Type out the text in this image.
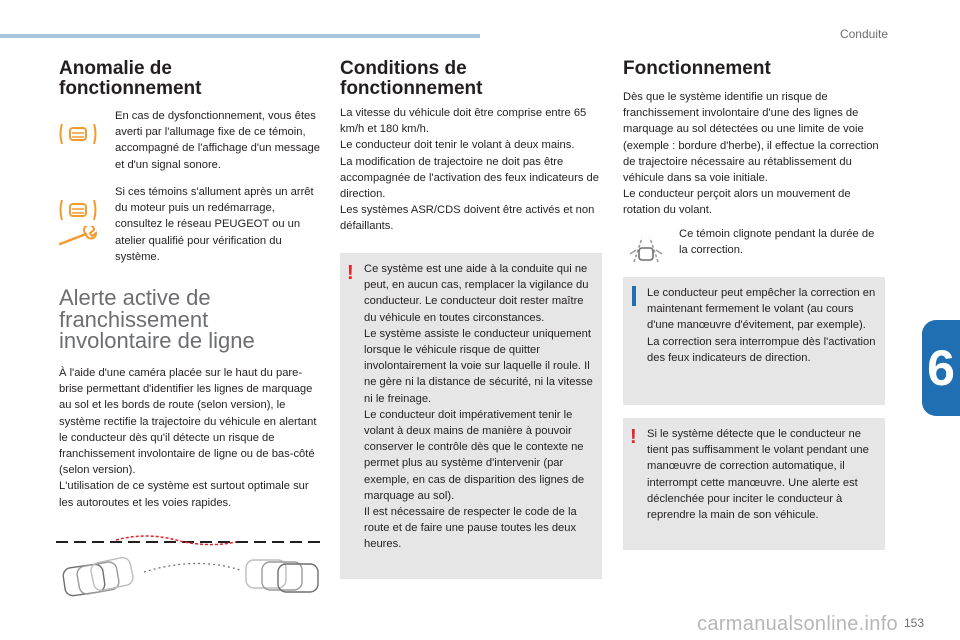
Conduite
6
Anomalie de fonctionnement

En cas de dysfonctionnement, vous êtes averti par l'allumage fixe de ce témoin, accompagné de l'affichage d'un message et d'un signal sonore.

Si ces témoins s'allument après un arrêt du moteur puis un redémarrage, consultez le réseau PEUGEOT ou un atelier qualifié pour vérification du système.

Alerte active de franchissement involontaire de ligne

À l'aide d'une caméra placée sur le haut du pare-brise permettant d'identifier les lignes de marquage au sol et les bords de route (selon version), le système rectifie la trajectoire du véhicule en alertant le conducteur dès qu'il détecte un risque de franchissement involontaire de ligne ou de bas-côté (selon version).
L'utilisation de ce système est surtout optimale sur les autoroutes et les voies rapides.

Conditions de fonctionnement

La vitesse du véhicule doit être comprise entre 65 km/h et 180 km/h.
Le conducteur doit tenir le volant à deux mains.
La modification de trajectoire ne doit pas être accompagnée de l'activation des feux indicateurs de direction.
Les systèmes ASR/CDS doivent être activés et non défaillants.

! Ce système est une aide à la conduite qui ne peut, en aucun cas, remplacer la vigilance du conducteur. Le conducteur doit rester maître du véhicule en toutes circonstances.
Le système assiste le conducteur uniquement lorsque le véhicule risque de quitter involontairement la voie sur laquelle il roule. Il ne gère ni la distance de sécurité, ni la vitesse ni le freinage.
Le conducteur doit impérativement tenir le volant à deux mains de manière à pouvoir conserver le contrôle dès que le contexte ne permet plus au système d'intervenir (par exemple, en cas de disparition des lignes de marquage au sol).
Il est nécessaire de respecter le code de la route et de faire une pause toutes les deux heures.

Fonctionnement

Dès que le système identifie un risque de franchissement involontaire d'une des lignes de marquage au sol détectées ou une limite de voie (exemple : bordure d'herbe), il effectue la correction de trajectoire nécessaire au rétablissement du véhicule dans sa voie initiale.
Le conducteur perçoit alors un mouvement de rotation du volant.

Ce témoin clignote pendant la durée de la correction.

Le conducteur peut empêcher la correction en maintenant fermement le volant (au cours d'une manœuvre d'évitement, par exemple).
La correction sera interrompue dès l'activation des feux indicateurs de direction.

! Si le système détecte que le conducteur ne tient pas suffisamment le volant pendant une manœuvre de correction automatique, il interrompt cette manœuvre. Une alerte est déclenchée pour inciter le conducteur à reprendre la main de son véhicule.

carmanualsonline.info 153
